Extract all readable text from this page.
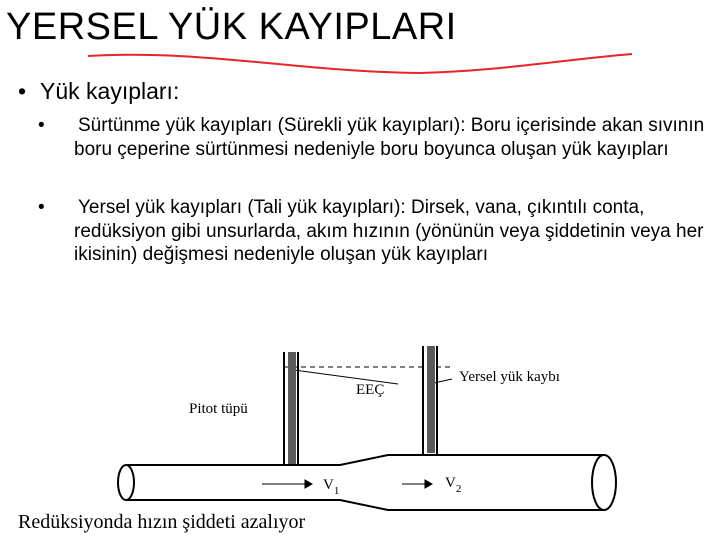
YERSEL YÜK KAYIPLARI
• Yük kayıpları:
• Sürtünme yük kayıpları (Sürekli yük kayıpları): Boru içerisinde akan sıvının boru çeperine sürtünmesi nedeniyle boru boyunca oluşan yük kayıpları
• Yersel yük kayıpları (Tali yük kayıpları): Dirsek, vana, çıkıntılı conta, redüksiyon gibi unsurlarda, akım hızının (yönünün veya şiddetinin veya her ikisinin) değişmesi nedeniyle oluşan yük kayıpları
Pitot tüpü
EEÇ
Yersel yük kaybı
$V_1$	$V_2$
Redüksiyonda hızın şiddeti azalıyor
